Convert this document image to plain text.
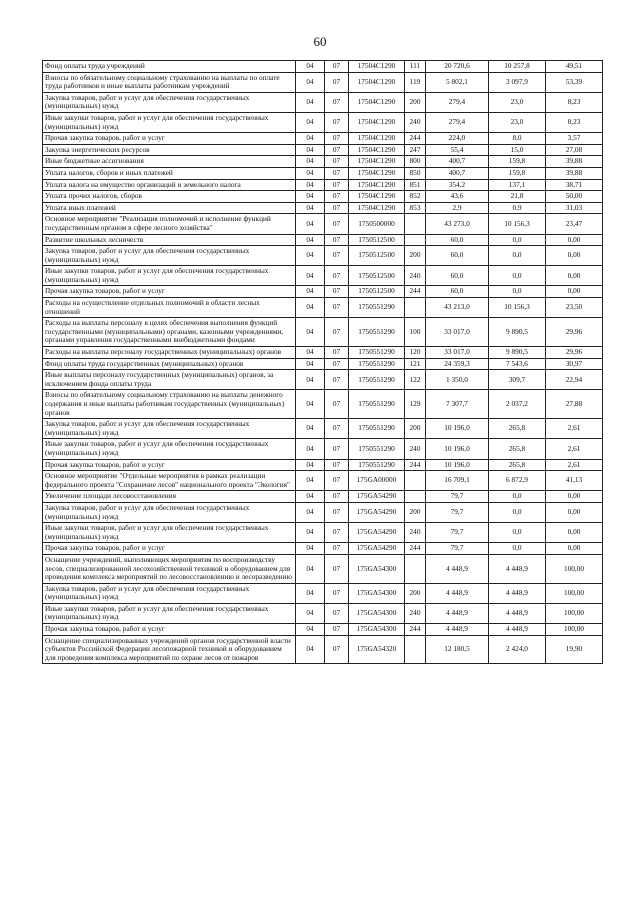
60
Фонд оплаты труда учреждений	04	07	17504С1290	111	20 720,6	10 257,8	49,51
Взносы по обязательному социальному страхованию на выплаты по оплате труда работников и иные выплаты работникам учреждений	04	07	17504С1290	119	5 802,1	3 097,9	53,39
Закупка товаров, работ и услуг для обеспечения государственных (муниципальных) нужд	04	07	17504С1290	200	279,4	23,0	8,23
Иные закупки товаров, работ и услуг для обеспечения государственных (муниципальных) нужд	04	07	17504С1290	240	279,4	23,0	8,23
Прочая закупка товаров, работ и услуг	04	07	17504С1290	244	224,0	8,0	3,57
Закупка энергетических ресурсов	04	07	17504С1290	247	55,4	15,0	27,08
Иные бюджетные ассигнования	04	07	17504С1290	800	400,7	159,8	39,88
Уплата налогов, сборов и иных платежей	04	07	17504С1290	850	400,7	159,8	39,88
Уплата налога на имущество организаций и земельного налога	04	07	17504С1290	851	354,2	137,1	38,71
Уплата прочих налогов, сборов	04	07	17504С1290	852	43,6	21,8	50,00
Уплата иных платежей	04	07	17504С1290	853	2,9	0,9	31,03
Основное мероприятие "Реализация полномочий и исполнение функций государственным органом в сфере лесного хозяйства"	04	07	1750500000		43 273,0	10 156,3	23,47
Развитие школьных лесничеств	04	07	1750512500		60,0	0,0	0,00
Закупка товаров, работ и услуг для обеспечения государственных (муниципальных) нужд	04	07	1750512500	200	60,0	0,0	0,00
Иные закупки товаров, работ и услуг для обеспечения государственных (муниципальных) нужд	04	07	1750512500	240	60,0	0,0	0,00
Прочая закупка товаров, работ и услуг	04	07	1750512500	244	60,0	0,0	0,00
Расходы на осуществление отдельных полномочий в области лесных отношений	04	07	1750551290		43 213,0	10 156,3	23,50
Расходы на выплаты персоналу в целях обеспечения выполнения функций государственными (муниципальными) органами, казенными учреждениями, органами управления государственными внебюджетными фондами	04	07	1750551290	100	33 017,0	9 890,5	29,96
Расходы на выплаты персоналу государственных (муниципальных) органов	04	07	1750551290	120	33 017,0	9 890,5	29,96
Фонд оплаты труда государственных (муниципальных) органов	04	07	1750551290	121	24 359,3	7 543,6	30,97
Иные выплаты персоналу государственных (муниципальных) органов, за исключением фонда оплаты труда	04	07	1750551290	122	1 350,0	309,7	22,94
Взносы по обязательному социальному страхованию на выплаты денежного содержания и иные выплаты работникам государственных (муниципальных) органов	04	07	1750551290	129	7 307,7	2 037,2	27,88
Закупка товаров, работ и услуг для обеспечения государственных (муниципальных) нужд	04	07	1750551290	200	10 196,0	265,8	2,61
Иные закупки товаров, работ и услуг для обеспечения государственных (муниципальных) нужд	04	07	1750551290	240	10 196,0	265,8	2,61
Прочая закупка товаров, работ и услуг	04	07	1750551290	244	10 196,0	265,8	2,61
Основное мероприятие "Отдельные мероприятия в рамках реализации федерального проекта "Сохранение лесов" национального проекта "Экология"	04	07	175GA00000		16 709,1	6 872,9	41,13
Увеличение площади лесовосстановления	04	07	175GA54290		79,7	0,0	0,00
Закупка товаров, работ и услуг для обеспечения государственных (муниципальных) нужд	04	07	175GA54290	200	79,7	0,0	0,00
Иные закупки товаров, работ и услуг для обеспечения государственных (муниципальных) нужд	04	07	175GA54290	240	79,7	0,0	0,00
Прочая закупка товаров, работ и услуг	04	07	175GA54290	244	79,7	0,0	0,00
Оснащение учреждений, выполняющих мероприятия по воспроизводству лесов, специализированной лесохозяйственной техникой и оборудованием для проведения комплекса мероприятий по лесовосстановлению и лесоразведению	04	07	175GA54300		4 448,9	4 448,9	100,00
Закупка товаров, работ и услуг для обеспечения государственных (муниципальных) нужд	04	07	175GA54300	200	4 448,9	4 448,9	100,00
Иные закупки товаров, работ и услуг для обеспечения государственных (муниципальных) нужд	04	07	175GA54300	240	4 448,9	4 448,9	100,00
Прочая закупка товаров, работ и услуг	04	07	175GA54300	244	4 448,9	4 448,9	100,00
Оснащение специализированных учреждений органов государственной власти субъектов Российской Федерации лесопожарной техникой и оборудованием для проведения комплекса мероприятий по охране лесов от пожаров	04	07	175GA54320		12 180,5	2 424,0	19,90
